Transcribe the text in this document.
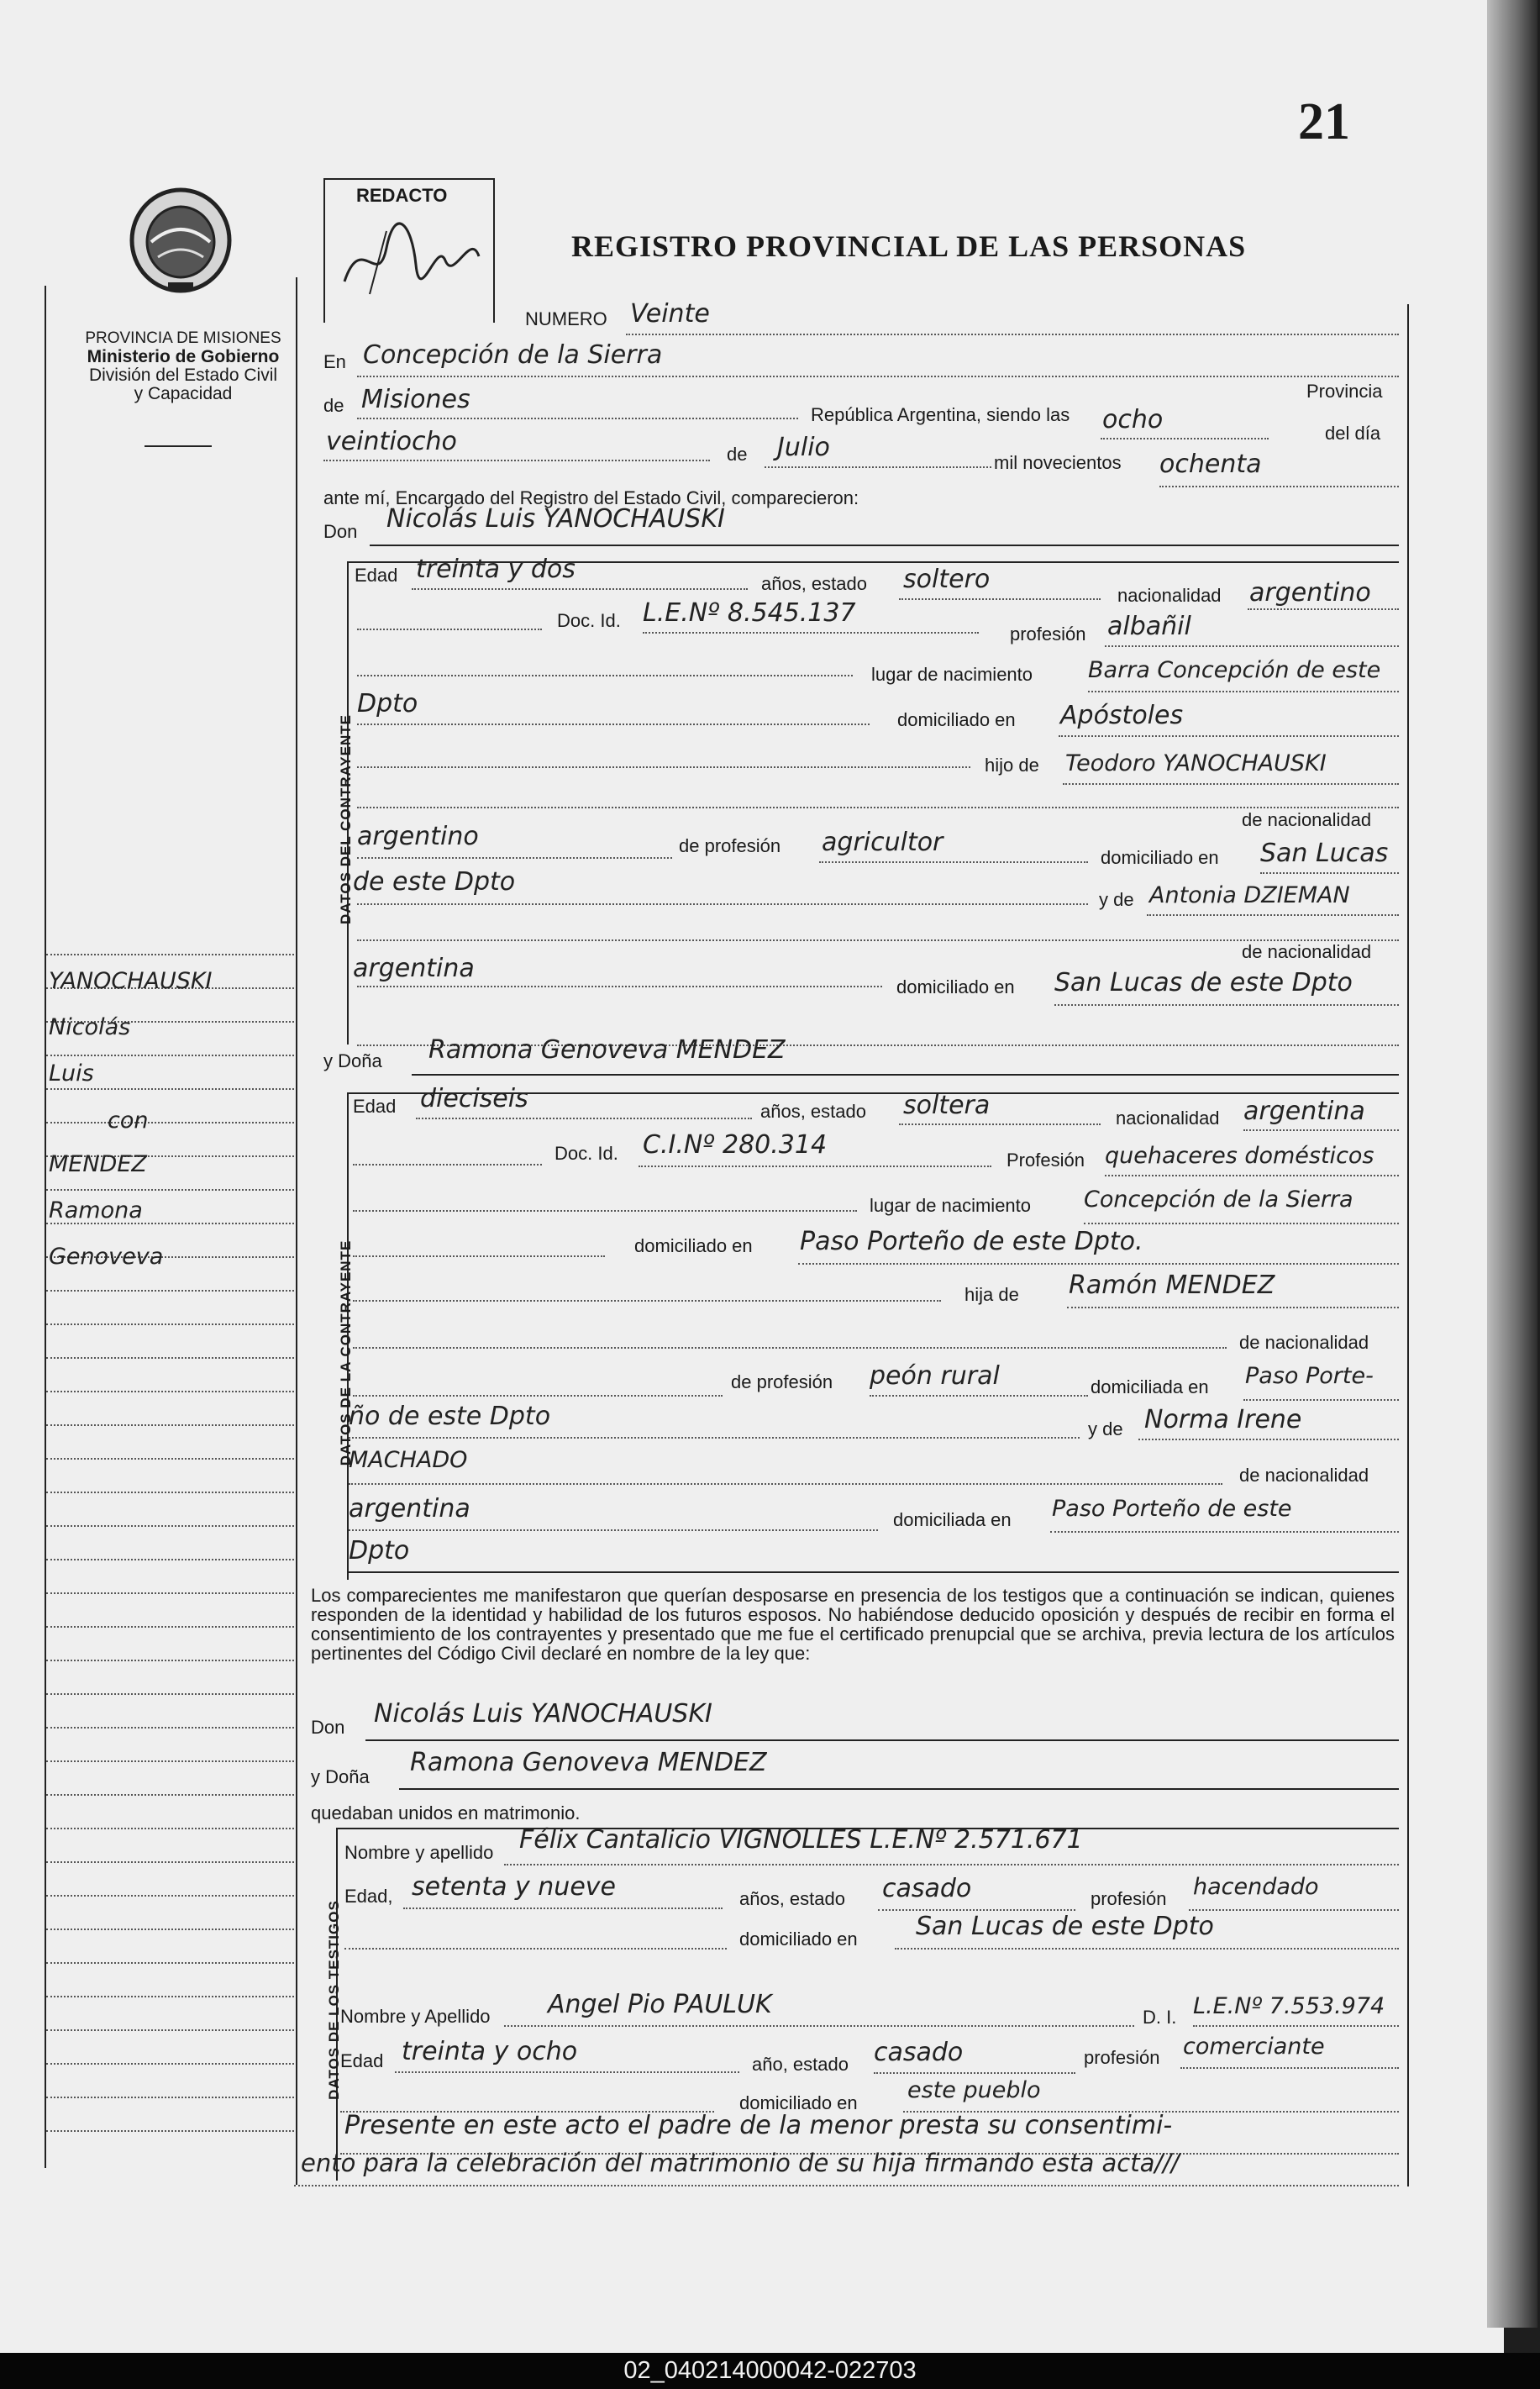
21
PROVINCIA DE MISIONES
Ministerio de Gobierno
División del Estado Civil
y Capacidad
REDACTO
REGISTRO PROVINCIAL DE LAS PERSONAS
YANOCHAUSKI
Nicolás
Luis
con
MENDEZ
Ramona
Genoveva
NUMERO Veinte
En Concepción de la Sierra
Provincia
de Misiones
República Argentina, siendo las ocho	del día
veintiocho	de Julio
mil novecientos ochenta
ante mí, Encargado del Registro del Estado Civil, comparecieron:
Don Nicolás Luis YANOCHAUSKI
DATOS DEL CONTRAYENTE
Edad treinta y dos	años, estado soltero
nacionalidad argentino
Doc. Id. L.E.Nº 8.545.137
profesión albañil
lugar de nacimiento Barra Concepción de este
Dpto
domiciliado en Apóstoles
hijo de Teodoro YANOCHAUSKI
de nacionalidad
argentino	de profesión agricultor
domiciliado en San Lucas
de este Dpto
y de Antonia DZIEMAN
de nacionalidad
argentina
domiciliado en San Lucas de este Dpto
y Doña Ramona Genoveva MENDEZ
DATOS DE LA CONTRAYENTE
Edad dieciseis	años, estado soltera	nacionalidad argentina
Doc. Id. C.I.Nº 280.314
Profesión quehaceres domésticos
lugar de nacimiento Concepción de la Sierra
domiciliado en Paso Porteño de este Dpto.
hija de Ramón MENDEZ
de nacionalidad
de profesión peón rural	domiciliada en Paso Porte-
ño de este Dpto	y de Norma Irene
MACHADO
de nacionalidad
argentina	domiciliada en Paso Porteño de este
Dpto
Los comparecientes me manifestaron que querían desposarse en presencia de los testigos que a continuación se indican, quienes responden de la identidad y habilidad de los futuros esposos. No habiéndose deducido oposición y después de recibir en forma el consentimiento de los contrayentes y presentado que me fue el certificado prenupcial que se archiva, previa lectura de los artículos pertinentes del Código Civil declaré en nombre de la ley que:
Don Nicolás Luis YANOCHAUSKI
y Doña Ramona Genoveva MENDEZ
quedaban unidos en matrimonio.
DATOS DE LOS TESTIGOS
Nombre y apellido Félix Cantalicio VIGNOLLES L.E.Nº 2.571.671
Edad, setenta y nueve	años, estado casado	profesión hacendado
domiciliado en San Lucas de este Dpto
Nombre y Apellido Angel Pio PAULUK	D. I. L.E.Nº 7.553.974
Edad treinta y ocho	año, estado casado	profesión comerciante
domiciliado en este pueblo
Presente en este acto el padre de la menor presta su consentimi-
ento para la celebración del matrimonio de su hija firmando esta acta///
02_040214000042-022703
